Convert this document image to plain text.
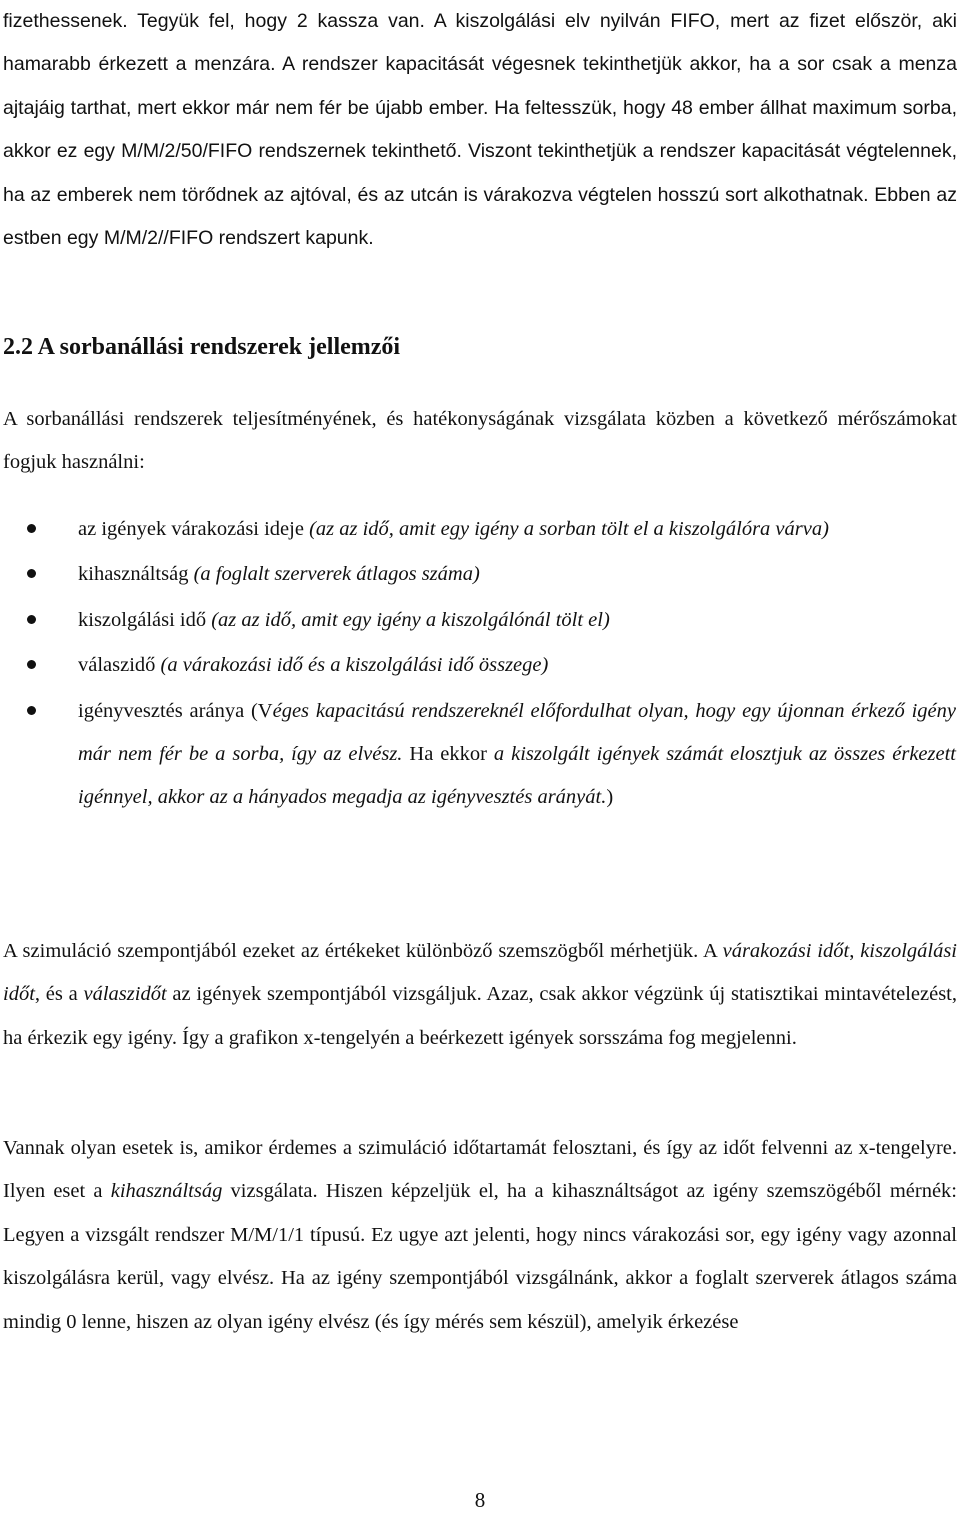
fizethessenek. Tegyük fel, hogy 2 kassza van. A kiszolgálási elv nyilván FIFO, mert az fizet először, aki hamarabb érkezett a menzára. A rendszer kapacitását végesnek tekinthetjük akkor, ha a sor csak a menza ajtajáig tarthat, mert ekkor már nem fér be újabb ember. Ha feltesszük, hogy 48 ember állhat maximum sorba, akkor ez egy M/M/2/50/FIFO rendszernek tekinthető. Viszont tekinthetjük a rendszer kapacitását végtelennek, ha az emberek nem törődnek az ajtóval, és az utcán is várakozva végtelen hosszú sort alkothatnak. Ebben az estben egy M/M/2//FIFO rendszert kapunk.
2.2 A sorbanállási rendszerek jellemzői
A sorbanállási rendszerek teljesítményének, és hatékonyságának vizsgálata közben a következő mérőszámokat fogjuk használni:
az igények várakozási ideje (az az idő, amit egy igény a sorban tölt el a kiszolgálóra várva)
kihasználtság (a foglalt szerverek átlagos száma)
kiszolgálási idő (az az idő, amit egy igény a kiszolgálónál tölt el)
válaszidő (a várakozási idő és a kiszolgálási idő összege)
igényvesztés aránya (Véges kapacitású rendszereknél előfordulhat olyan, hogy egy újonnan érkező igény már nem fér be a sorba, így az elvész. Ha ekkor a kiszolgált igények számát elosztjuk az összes érkezett igénnyel, akkor az a hányados megadja az igényvesztés arányát.)
A szimuláció szempontjából ezeket az értékeket különböző szemszögből mérhetjük. A várakozási időt, kiszolgálási időt, és a válaszidőt az igények szempontjából vizsgáljuk. Azaz, csak akkor végzünk új statisztikai mintavételezést, ha érkezik egy igény. Így a grafikon x-tengelyén a beérkezett igények sorsszáma fog megjelenni.
Vannak olyan esetek is, amikor érdemes a szimuláció időtartamát felosztani, és így az időt felvenni az x-tengelyre. Ilyen eset a kihasználtság vizsgálata. Hiszen képzeljük el, ha a kihasználtságot az igény szemszögéből mérnék: Legyen a vizsgált rendszer M/M/1/1 típusú. Ez ugye azt jelenti, hogy nincs várakozási sor, egy igény vagy azonnal kiszolgálásra kerül, vagy elvész. Ha az igény szempontjából vizsgálnánk, akkor a foglalt szerverek átlagos száma mindig 0 lenne, hiszen az olyan igény elvész (és így mérés sem készül), amelyik érkezése
8
